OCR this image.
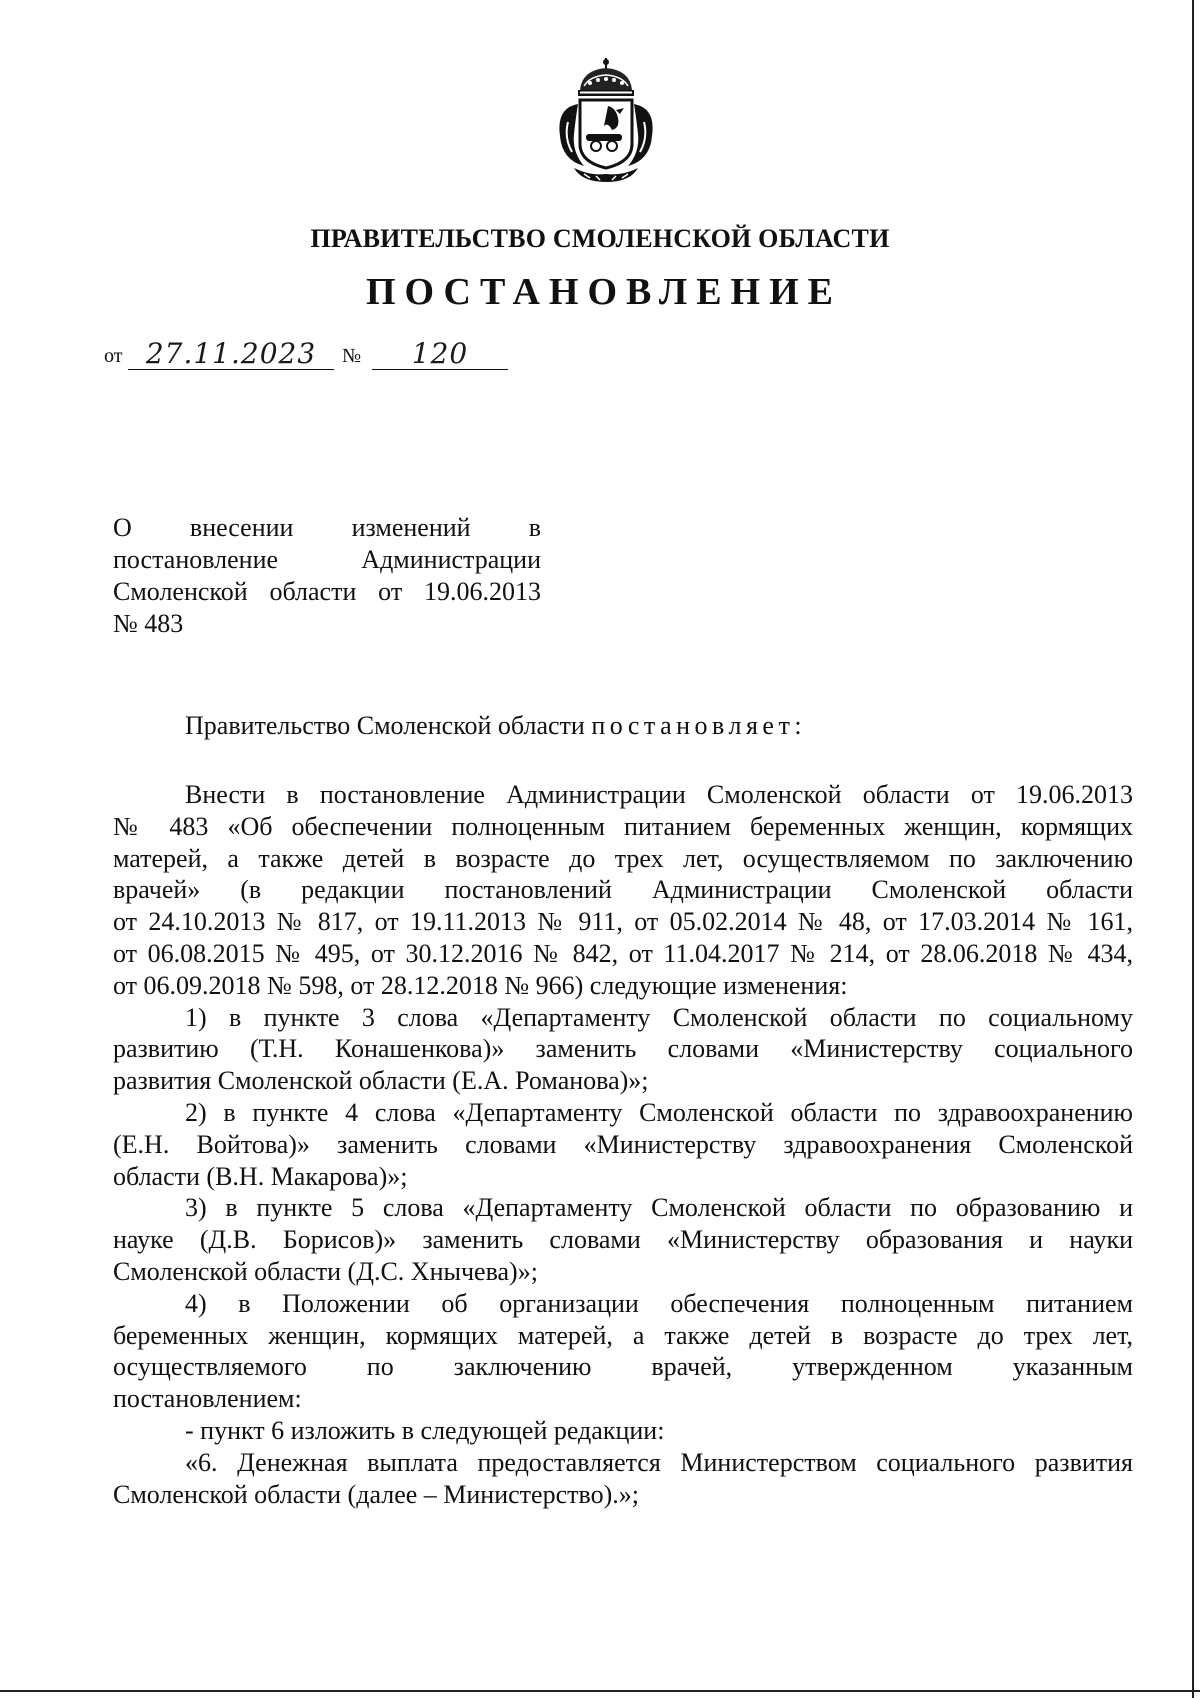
ПРАВИТЕЛЬСТВО СМОЛЕНСКОЙ ОБЛАСТИ
ПОСТАНОВЛЕНИЕ
от 27.11.2023	№	120
О внесении изменений в
постановление Администрации
Смоленской области от 19.06.2013
№ 483
Правительство Смоленской области постановляет:
Внести в постановление Администрации Смоленской области от 19.06.2013
№ 483 «Об обеспечении полноценным питанием беременных женщин, кормящих
матерей, а также детей в возрасте до трех лет, осуществляемом по заключению
врачей» (в редакции постановлений Администрации Смоленской области
от 24.10.2013 № 817, от 19.11.2013 № 911, от 05.02.2014 № 48, от 17.03.2014 № 161,
от 06.08.2015 № 495, от 30.12.2016 № 842, от 11.04.2017 № 214, от 28.06.2018 № 434,
от 06.09.2018 № 598, от 28.12.2018 № 966) следующие изменения:
1) в пункте 3 слова «Департаменту Смоленской области по социальному
развитию (Т.Н. Конашенкова)» заменить словами «Министерству социального
развития Смоленской области (Е.А. Романова)»;
2) в пункте 4 слова «Департаменту Смоленской области по здравоохранению
(Е.Н. Войтова)» заменить словами «Министерству здравоохранения Смоленской
области (В.Н. Макарова)»;
3) в пункте 5 слова «Департаменту Смоленской области по образованию и
науке (Д.В. Борисов)» заменить словами «Министерству образования и науки
Смоленской области (Д.С. Хнычева)»;
4) в Положении об организации обеспечения полноценным питанием
беременных женщин, кормящих матерей, а также детей в возрасте до трех лет,
осуществляемого по заключению врачей, утвержденном указанным
постановлением:
- пункт 6 изложить в следующей редакции:
«6. Денежная выплата предоставляется Министерством социального развития
Смоленской области (далее – Министерство).»;
